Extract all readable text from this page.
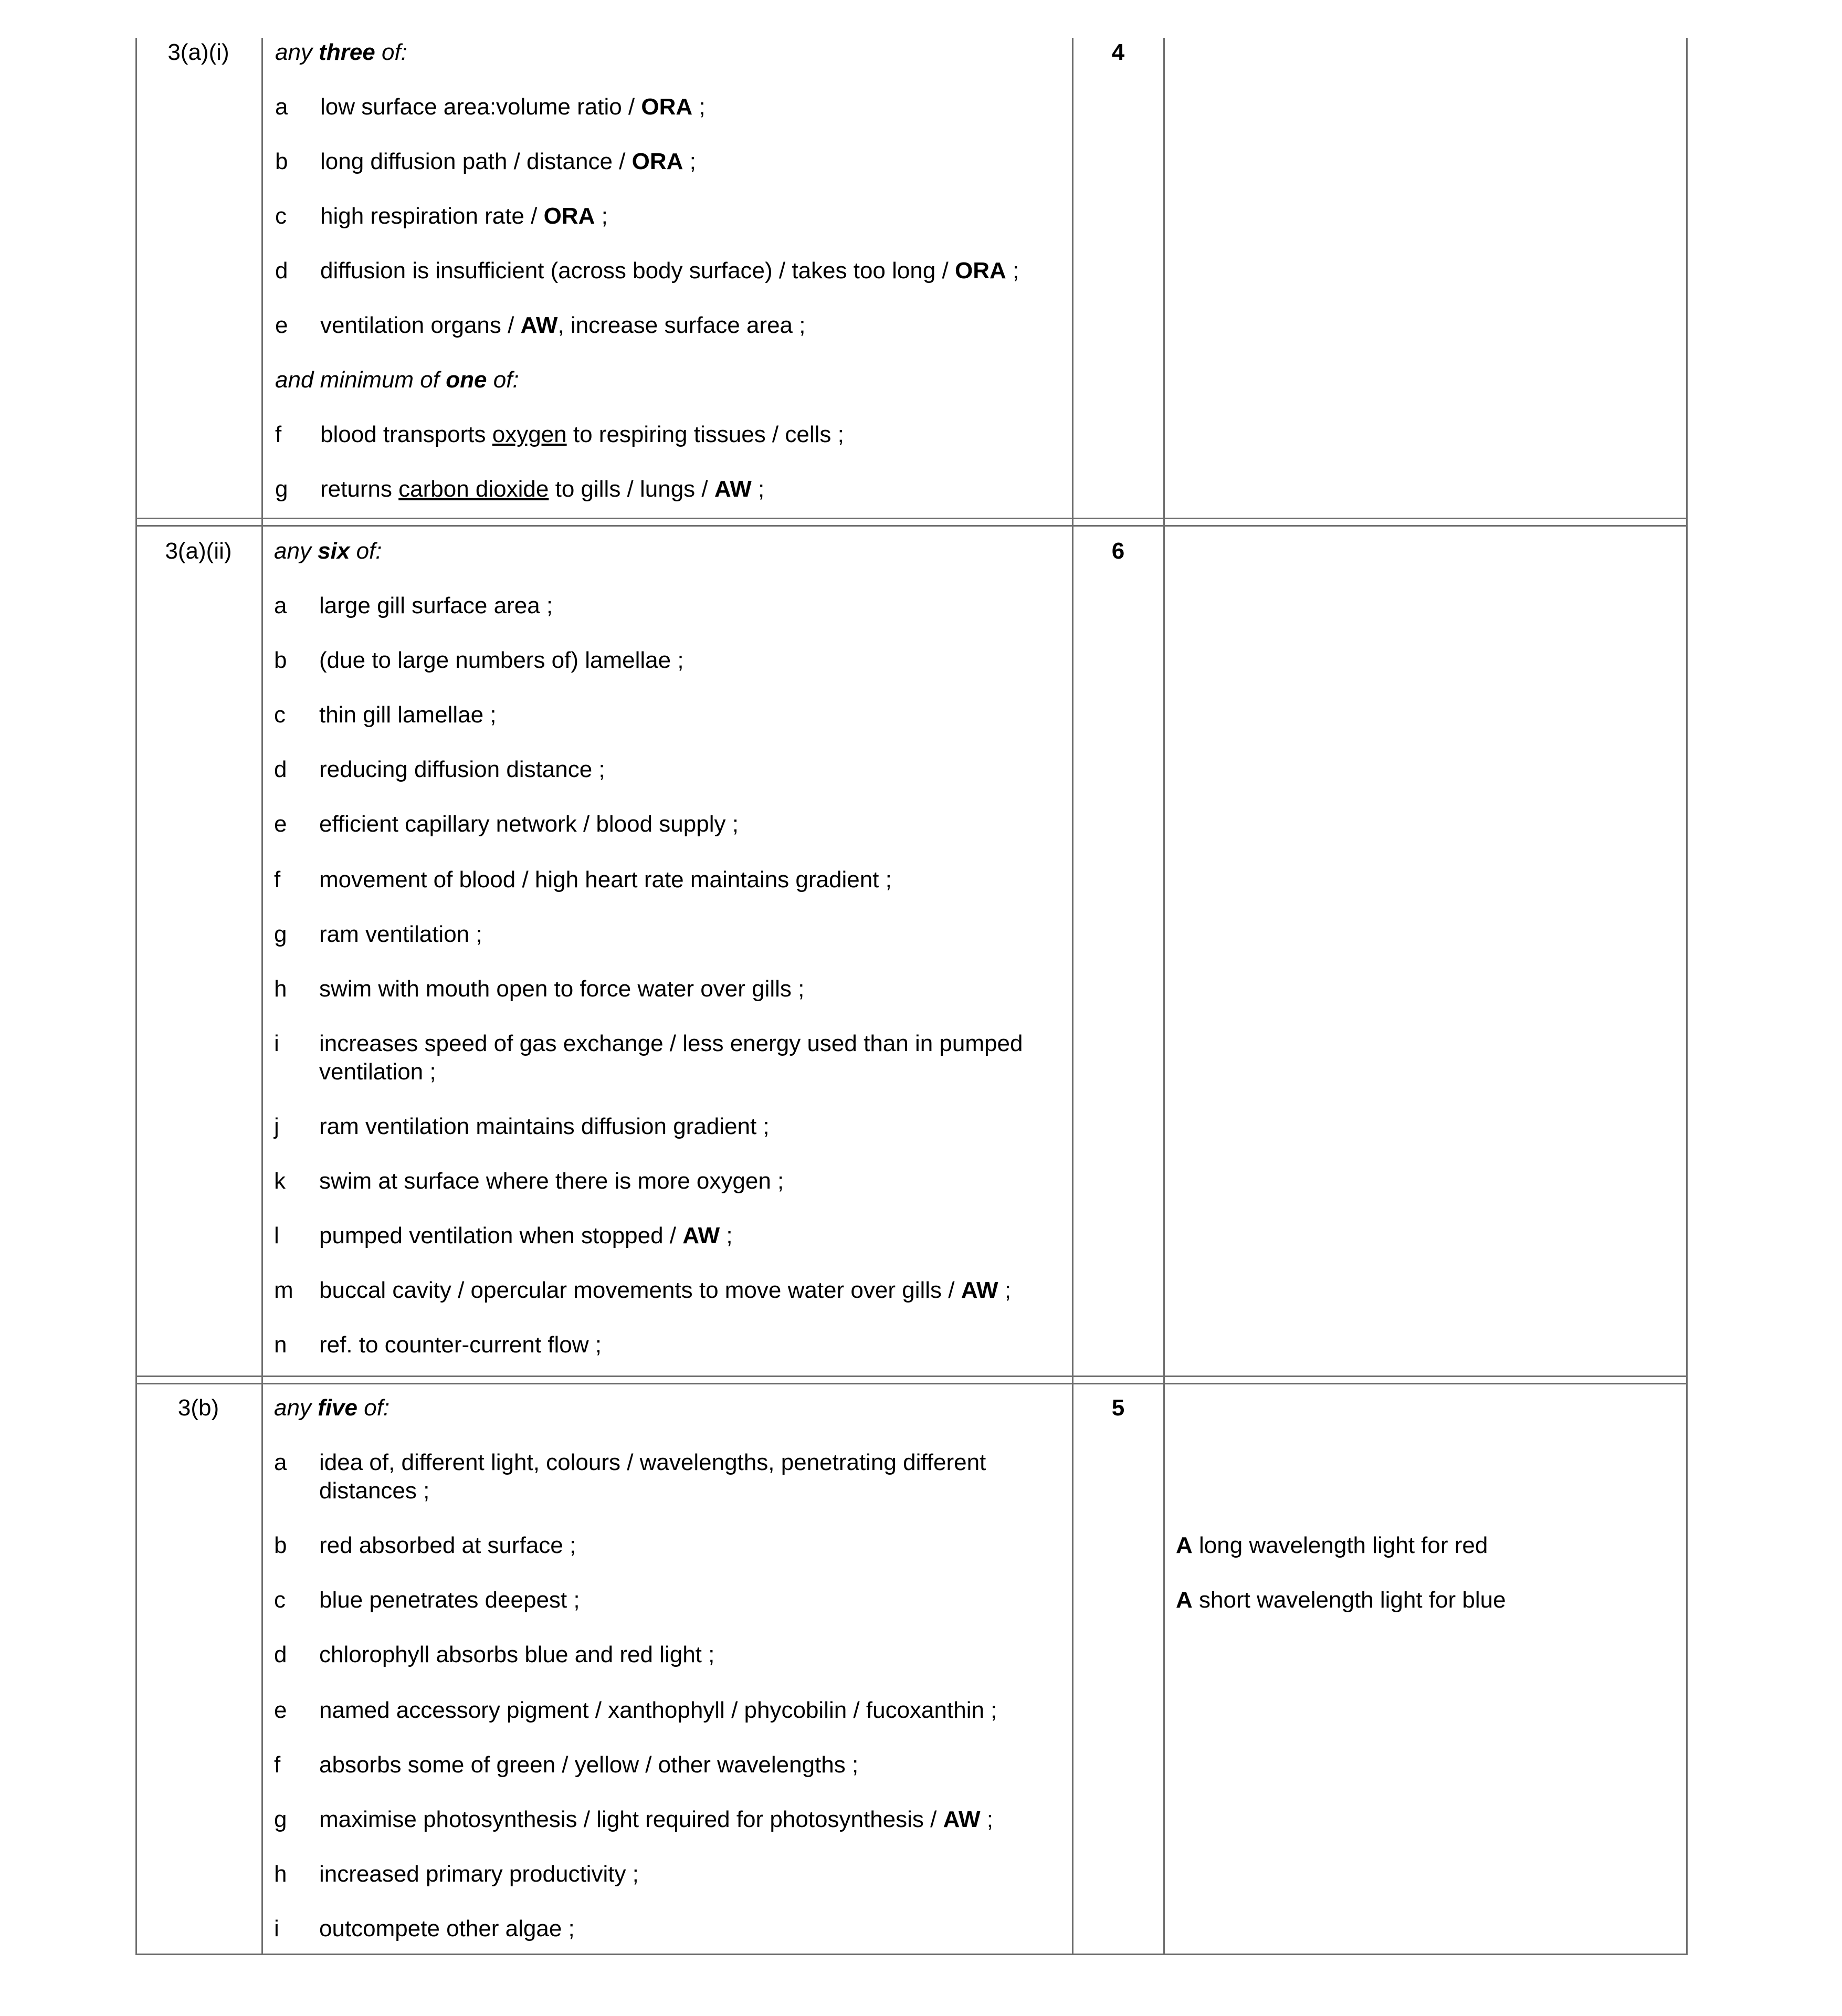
3(a)(i)	4
any three of:
a	low surface area:volume ratio / ORA ;
b	long diffusion path / distance / ORA ;
c	high respiration rate / ORA ;
d	diffusion is insufficient (across body surface) / takes too long / ORA ;
e	ventilation organs / AW, increase surface area ;
and minimum of one of:
f	blood transports oxygen to respiring tissues / cells ;
g	returns carbon dioxide to gills / lungs / AW ;
3(a)(ii)	6
any six of:
a	large gill surface area ;
b	(due to large numbers of) lamellae ;
c	thin gill lamellae ;
d	reducing diffusion distance ;
e	efficient capillary network / blood supply ;
f	movement of blood / high heart rate maintains gradient ;
g	ram ventilation ;
h	swim with mouth open to force water over gills ;
i	increases speed of gas exchange / less energy used than in pumped
ventilation ;
j	ram ventilation maintains diffusion gradient ;
k	swim at surface where there is more oxygen ;
l	pumped ventilation when stopped / AW ;
m	buccal cavity / opercular movements to move water over gills / AW ;
n	ref. to counter-current flow ;
3(b)	5
any five of:
a	idea of, different light, colours / wavelengths, penetrating different
distances ;
b	red absorbed at surface ;	A long wavelength light for red
c	blue penetrates deepest ;	A short wavelength light for blue
d	chlorophyll absorbs blue and red light ;
e	named accessory pigment / xanthophyll / phycobilin / fucoxanthin ;
f	absorbs some of green / yellow / other wavelengths ;
g	maximise photosynthesis / light required for photosynthesis / AW ;
h	increased primary productivity ;
i	outcompete other algae ;
